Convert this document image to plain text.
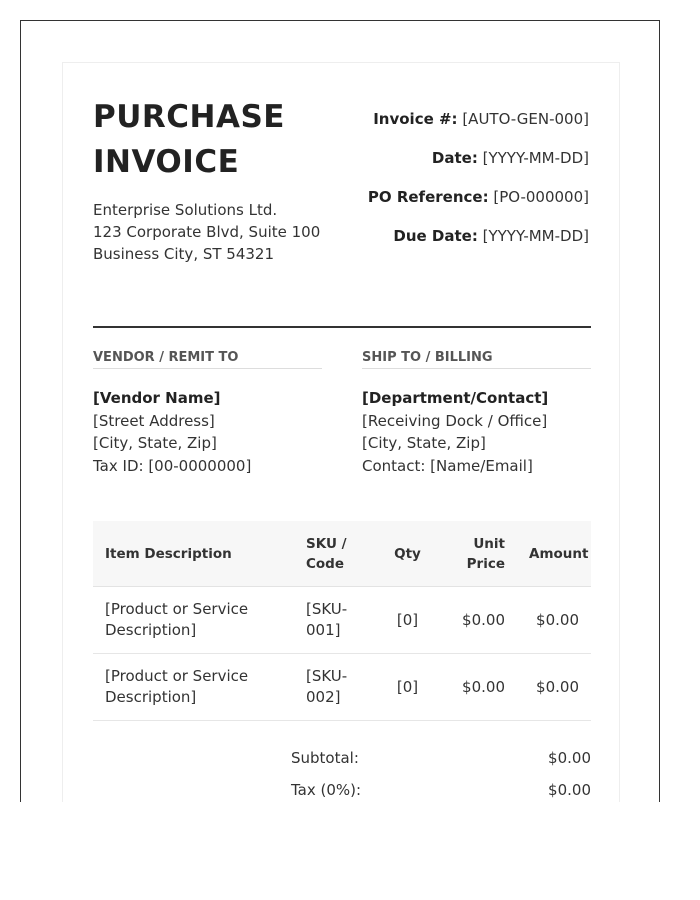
PURCHASE
INVOICE
Enterprise Solutions Ltd.
123 Corporate Blvd, Suite 100
Business City, ST 54321
Invoice #: [AUTO-GEN-000]
Date: [YYYY-MM-DD]
PO Reference: [PO-000000]
Due Date: [YYYY-MM-DD]
VENDOR / REMIT TO
[Vendor Name]
[Street Address]
[City, State, Zip]
Tax ID: [00-0000000]
SHIP TO / BILLING
[Department/Contact]
[Receiving Dock / Office]
[City, State, Zip]
Contact: [Name/Email]
Item Description	SKU / Code	Qty	Unit Price	Amount
[Product or Service Description]	[SKU-001]	[0]	$0.00	$0.00
[Product or Service Description]	[SKU-002]	[0]	$0.00	$0.00
Subtotal:	$0.00
Tax (0%):	$0.00
